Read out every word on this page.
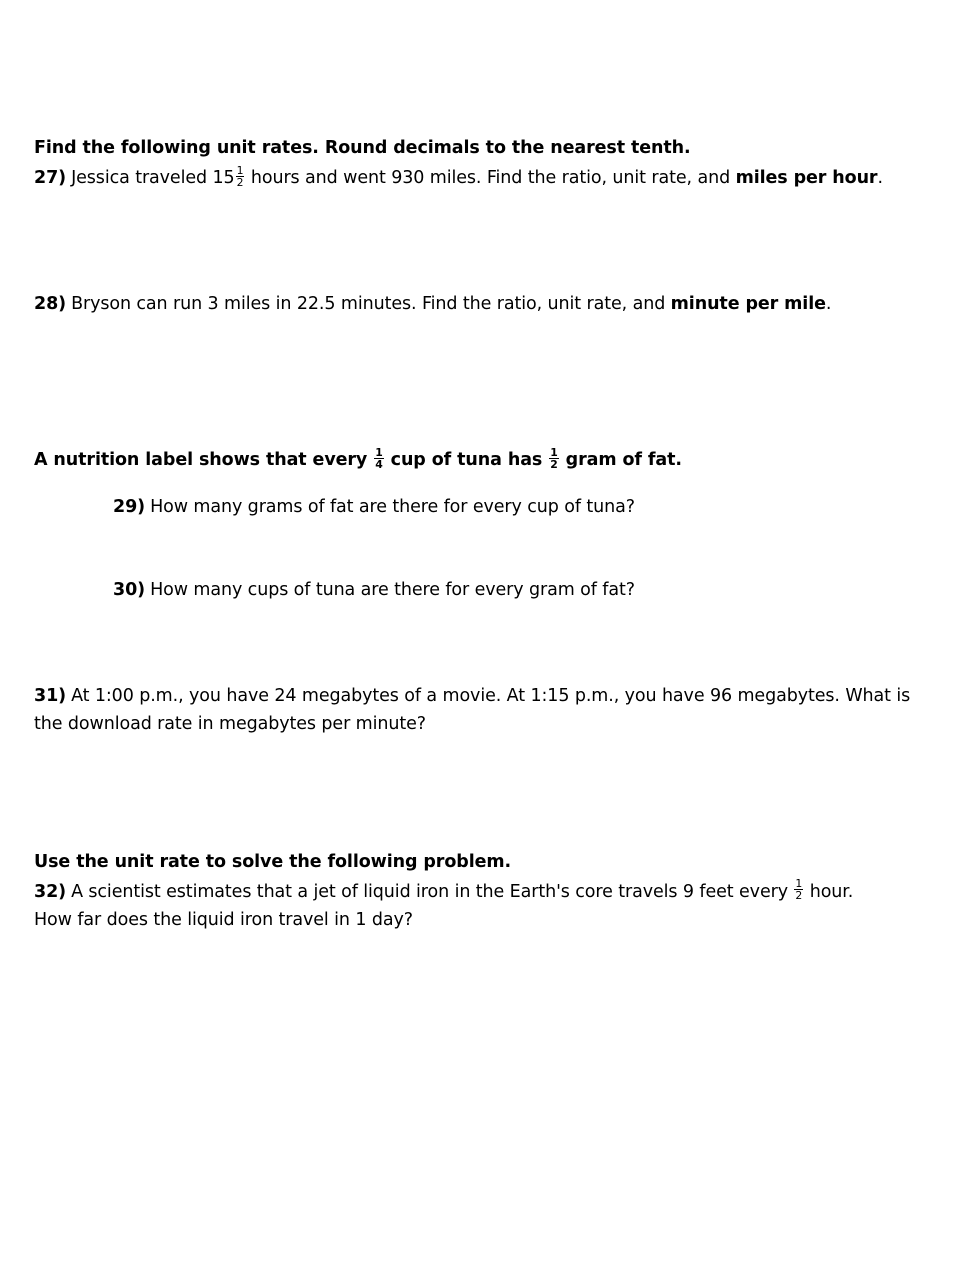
Find the following unit rates. Round decimals to the nearest tenth.
27) Jessica traveled $15 \frac{1}{2}$ hours and went 930 miles. Find the ratio, unit rate, and miles per hour.
28) Bryson can run 3 miles in 22.5 minutes. Find the ratio, unit rate, and minute per mile.
A nutrition label shows that every $\frac{1}{4}$ cup of tuna has $\frac{1}{2}$ gram of fat.
29) How many grams of fat are there for every cup of tuna?
30) How many cups of tuna are there for every gram of fat?
31) At 1:00 p.m., you have 24 megabytes of a movie. At 1:15 p.m., you have 96 megabytes. What is
the download rate in megabytes per minute?
Use the unit rate to solve the following problem.
32) A scientist estimates that a jet of liquid iron in the Earth's core travels 9 feet every $\frac{1}{2}$ hour.
How far does the liquid iron travel in 1 day?
